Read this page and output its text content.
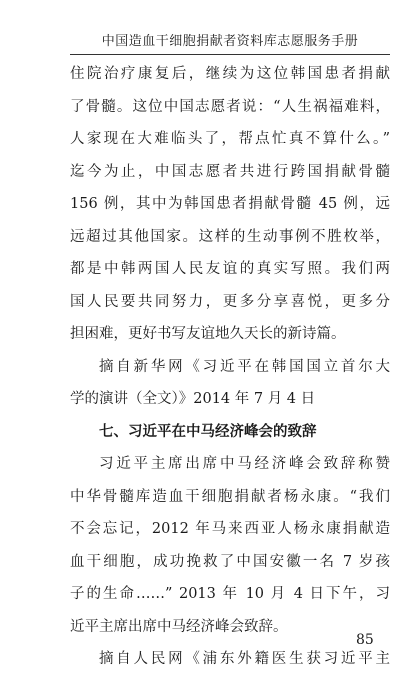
中国造血干细胞捐献者资料库志愿服务手册
住院治疗康复后，继续为这位韩国患者捐献
了骨髓。这位中国志愿者说：“人生祸福难料，
人家现在大难临头了，帮点忙真不算什么。”
迄今为止，中国志愿者共进行跨国捐献骨髓
156 例，其中为韩国患者捐献骨髓 45 例，远
远超过其他国家。这样的生动事例不胜枚举，
都是中韩两国人民友谊的真实写照。我们两
国人民要共同努力，更多分享喜悦，更多分
担困难，更好书写友谊地久天长的新诗篇。
摘自新华网《习近平在韩国国立首尔大
学的演讲（全文）》2014 年 7 月 4 日
七、习近平在中马经济峰会的致辞
习近平主席出席中马经济峰会致辞称赞
中华骨髓库造血干细胞捐献者杨永康。“我们
不会忘记，2012 年马来西亚人杨永康捐献造
血干细胞，成功挽救了中国安徽一名 7 岁孩
子的生命……” 2013 年 10 月 4 日下午，习
近平主席出席中马经济峰会致辞。
摘自人民网《浦东外籍医生获习近平主
85
